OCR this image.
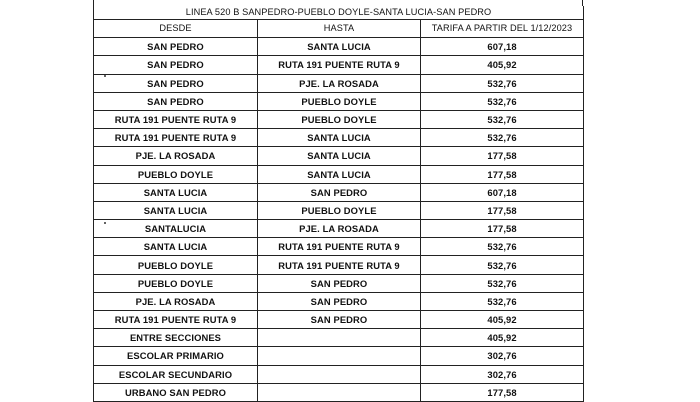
LINEA 520 B SANPEDRO-PUEBLO DOYLE-SANTA LUCIA-SAN PEDRO		
DESDE	HASTA	TARIFA A PARTIR DEL 1/12/2023
SAN PEDRO	SANTA LUCIA	607,18
SAN PEDRO	RUTA 191 PUENTE RUTA 9	405,92
SAN PEDRO	PJE. LA ROSADA	532,76
SAN PEDRO	PUEBLO DOYLE	532,76
RUTA 191 PUENTE RUTA 9	PUEBLO DOYLE	532,76
RUTA 191 PUENTE RUTA 9	SANTA LUCIA	532,76
PJE. LA ROSADA	SANTA LUCIA	177,58
PUEBLO DOYLE	SANTA LUCIA	177,58
SANTA LUCIA	SAN PEDRO	607,18
SANTA LUCIA	PUEBLO DOYLE	177,58
SANTALUCIA	PJE. LA ROSADA	177,58
SANTA LUCIA	RUTA 191 PUENTE RUTA 9	532,76
PUEBLO DOYLE	RUTA 191 PUENTE RUTA 9	532,76
PUEBLO DOYLE	SAN PEDRO	532,76
PJE. LA ROSADA	SAN PEDRO	532,76
RUTA 191 PUENTE RUTA 9	SAN PEDRO	405,92
ENTRE SECCIONES		405,92
ESCOLAR PRIMARIO		302,76
ESCOLAR SECUNDARIO		302,76
URBANO SAN PEDRO		177,58
